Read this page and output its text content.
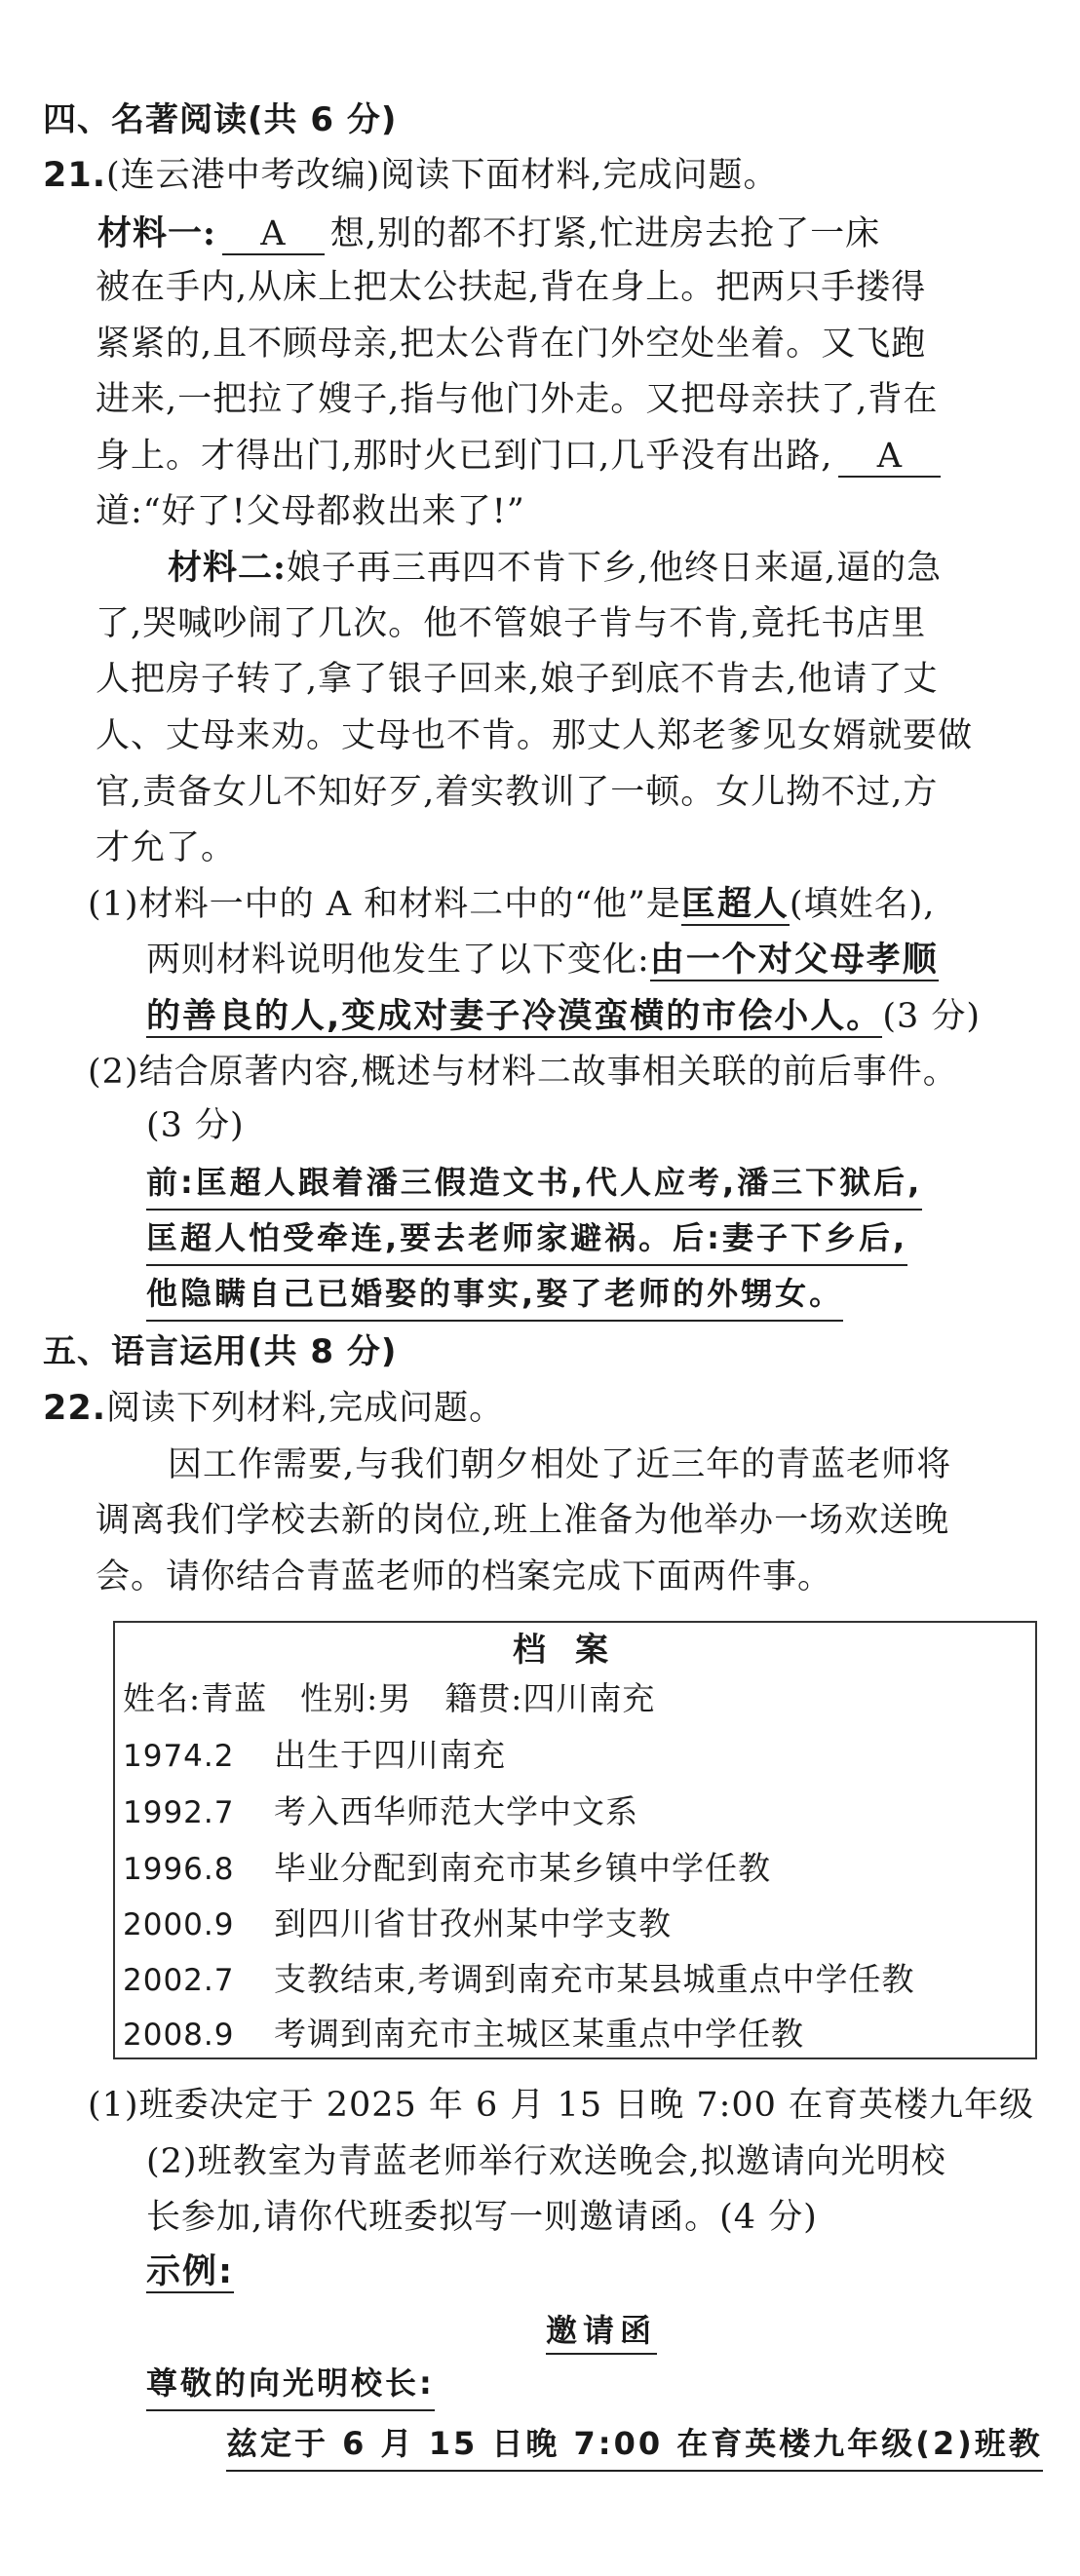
四、名著阅读(共 6 分)
21.(连云港中考改编)阅读下面材料,完成问题。
材料一: A 想,别的都不打紧,忙进房去抢了一床
被在手内,从床上把太公扶起,背在身上。把两只手搂得
紧紧的,且不顾母亲,把太公背在门外空处坐着。又飞跑
进来,一把拉了嫂子,指与他门外走。又把母亲扶了,背在
身上。才得出门,那时火已到门口,几乎没有出路, A
道:“好了!父母都救出来了!”
材料二:娘子再三再四不肯下乡,他终日来逼,逼的急
了,哭喊吵闹了几次。他不管娘子肯与不肯,竟托书店里
人把房子转了,拿了银子回来,娘子到底不肯去,他请了丈
人、丈母来劝。丈母也不肯。那丈人郑老爹见女婿就要做
官,责备女儿不知好歹,着实教训了一顿。女儿拗不过,方
才允了。
(1)材料一中的 A 和材料二中的“他”是匡超人(填姓名),
两则材料说明他发生了以下变化:由一个对父母孝顺
的善良的人,变成对妻子冷漠蛮横的市侩小人。(3 分)
(2)结合原著内容,概述与材料二故事相关联的前后事件。
(3 分)
前:匡超人跟着潘三假造文书,代人应考,潘三下狱后,
匡超人怕受牵连,要去老师家避祸。后:妻子下乡后,
他隐瞒自己已婚娶的事实,娶了老师的外甥女。
五、语言运用(共 8 分)
22.阅读下列材料,完成问题。
因工作需要,与我们朝夕相处了近三年的青蓝老师将
调离我们学校去新的岗位,班上准备为他举办一场欢送晚
会。请你结合青蓝老师的档案完成下面两件事。
档案
姓名:青蓝　性别:男　籍贯:四川南充
1974.2 出生于四川南充
1992.7 考入西华师范大学中文系
1996.8 毕业分配到南充市某乡镇中学任教
2000.9 到四川省甘孜州某中学支教
2002.7 支教结束,考调到南充市某县城重点中学任教
2008.9 考调到南充市主城区某重点中学任教
(1)班委决定于 2025 年 6 月 15 日晚 7:00 在育英楼九年级
(2)班教室为青蓝老师举行欢送晚会,拟邀请向光明校
长参加,请你代班委拟写一则邀请函。(4 分)
示例:
邀请函
尊敬的向光明校长:
兹定于 6 月 15 日晚 7:00 在育英楼九年级(2)班教
